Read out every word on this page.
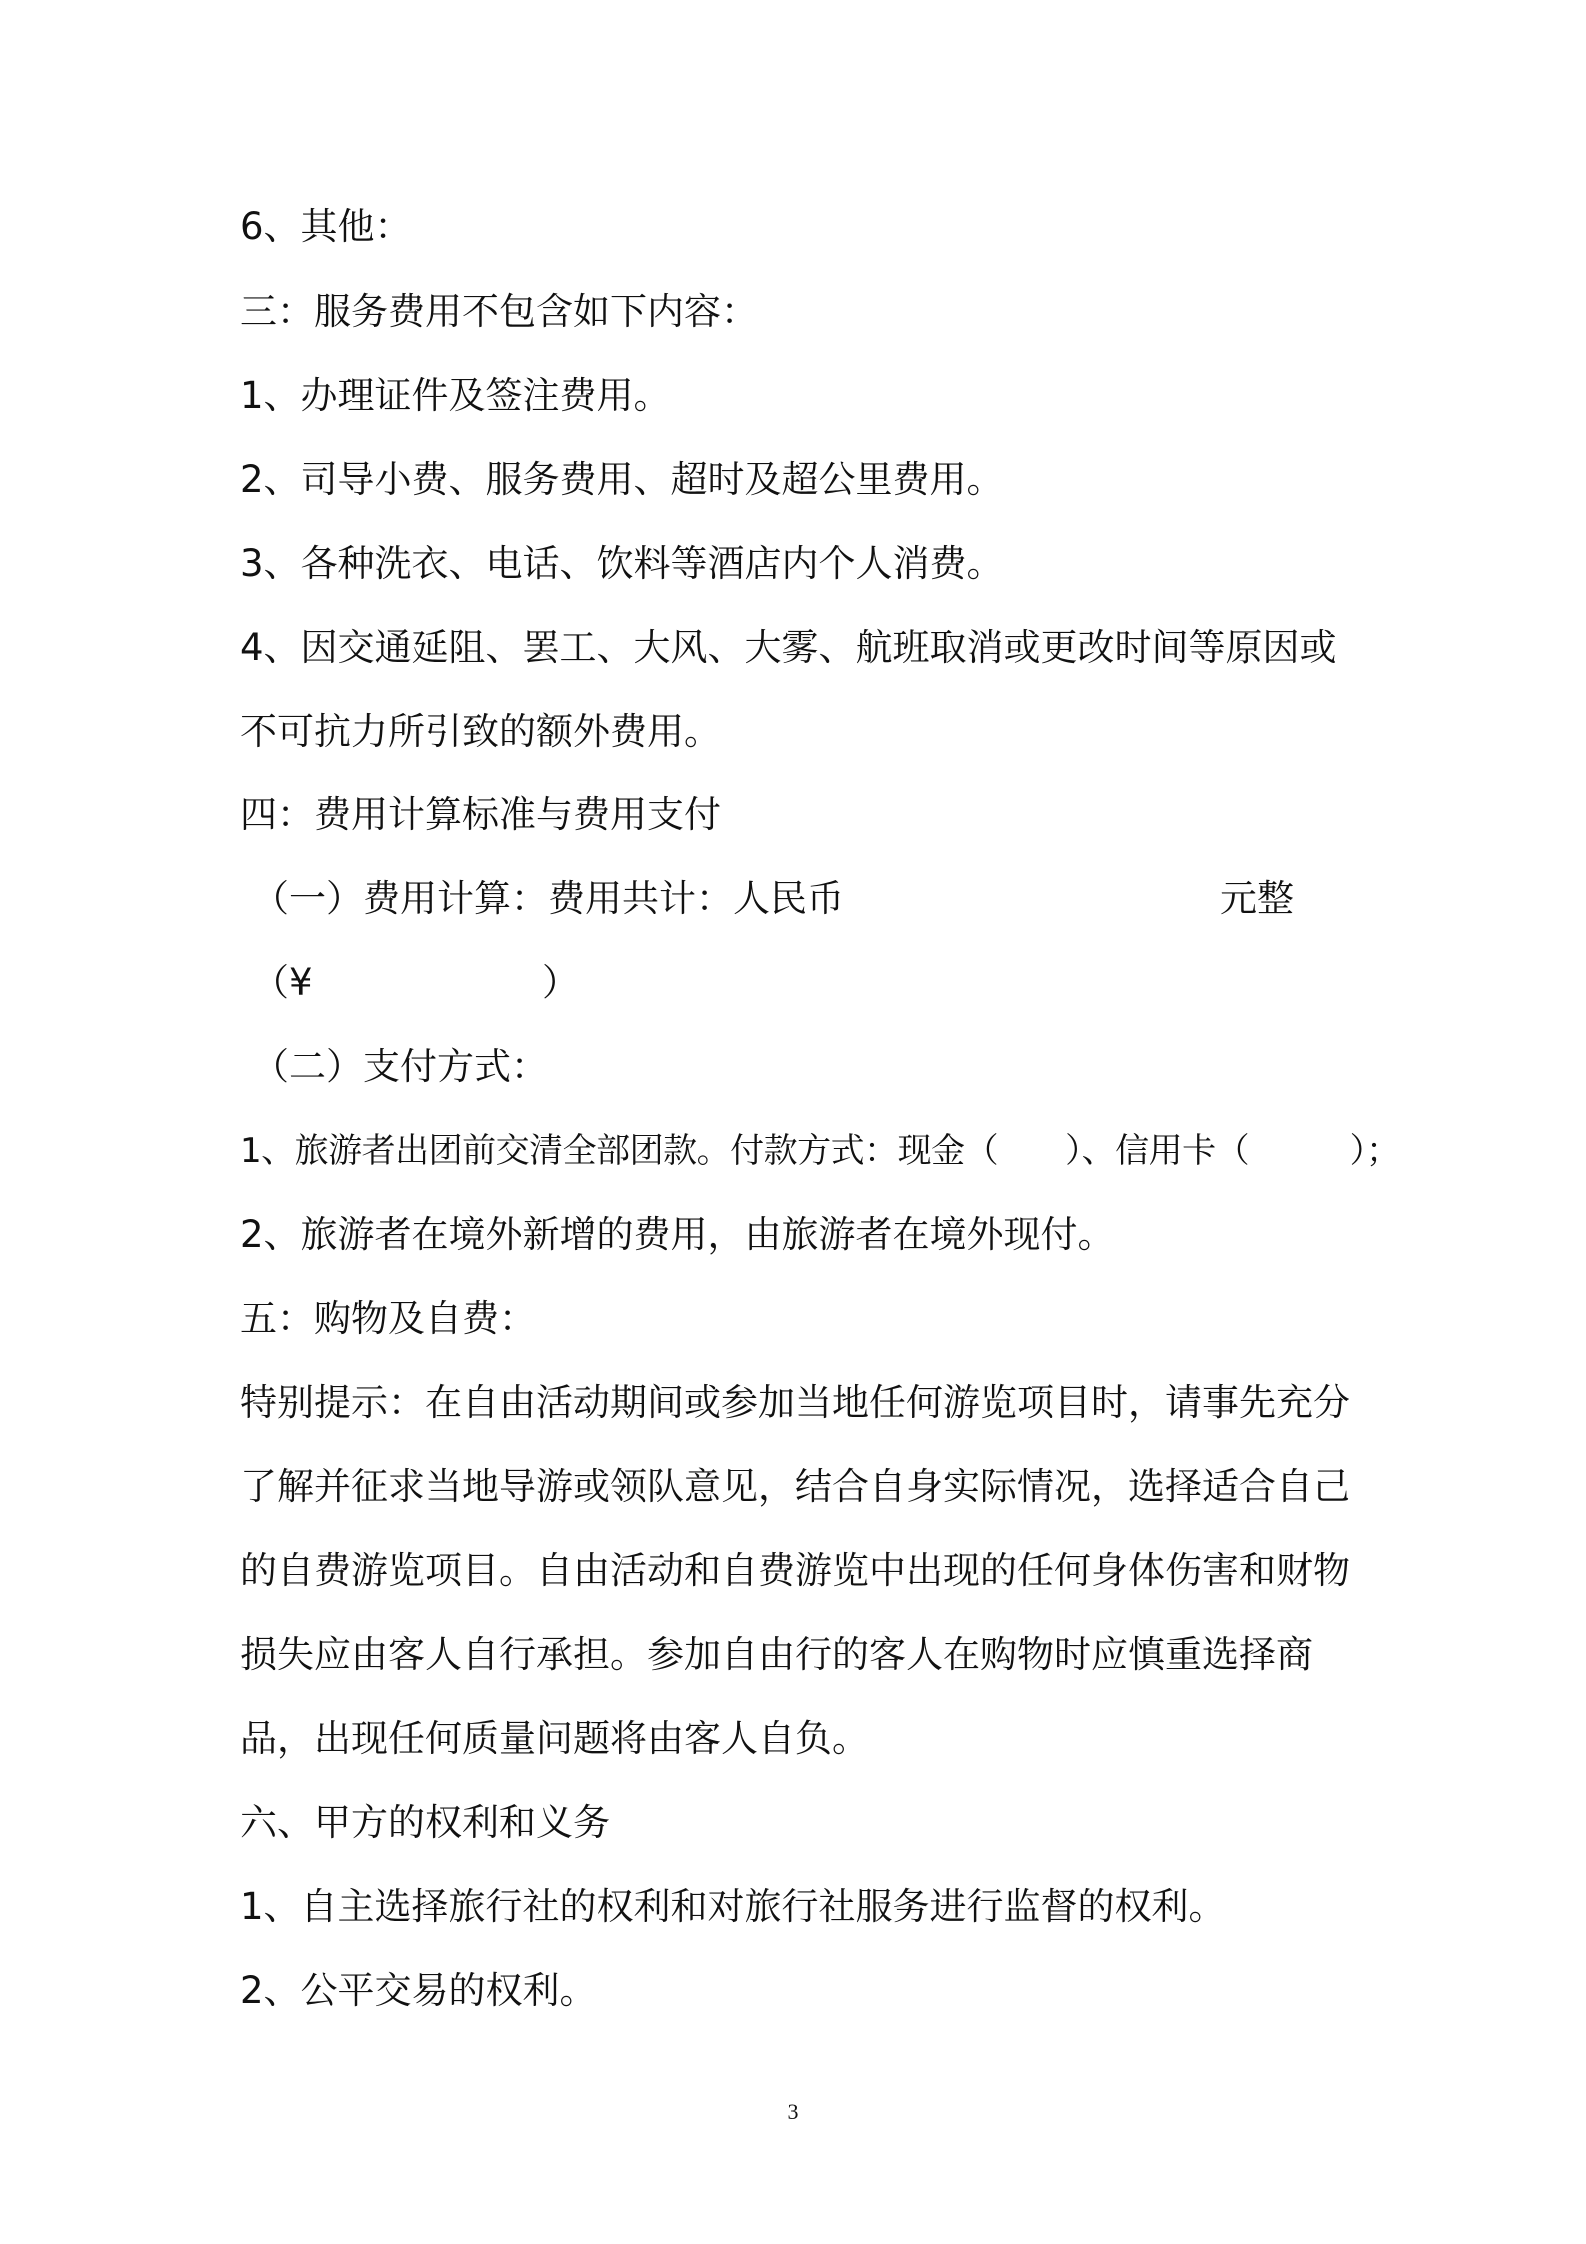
6、其他：
三：服务费用不包含如下内容：
1、办理证件及签注费用。
2、司导小费、服务费用、超时及超公里费用。
3、各种洗衣、电话、饮料等酒店内个人消费。
4、因交通延阻、罢工、大风、大雾、航班取消或更改时间等原因或
不可抗力所引致的额外费用。
四：费用计算标准与费用支付
（一）费用计算：费用共计：人民币	元整
（¥	）
（二）支付方式：
1、旅游者出团前交清全部团款。付款方式：现金（　　）、信用卡（　　　）；
2、旅游者在境外新增的费用，由旅游者在境外现付。
五：购物及自费：
特别提示：在自由活动期间或参加当地任何游览项目时，请事先充分
了解并征求当地导游或领队意见，结合自身实际情况，选择适合自己
的自费游览项目。自由活动和自费游览中出现的任何身体伤害和财物
损失应由客人自行承担。参加自由行的客人在购物时应慎重选择商
品，出现任何质量问题将由客人自负。
六、甲方的权利和义务
1、自主选择旅行社的权利和对旅行社服务进行监督的权利。
2、公平交易的权利。
3
